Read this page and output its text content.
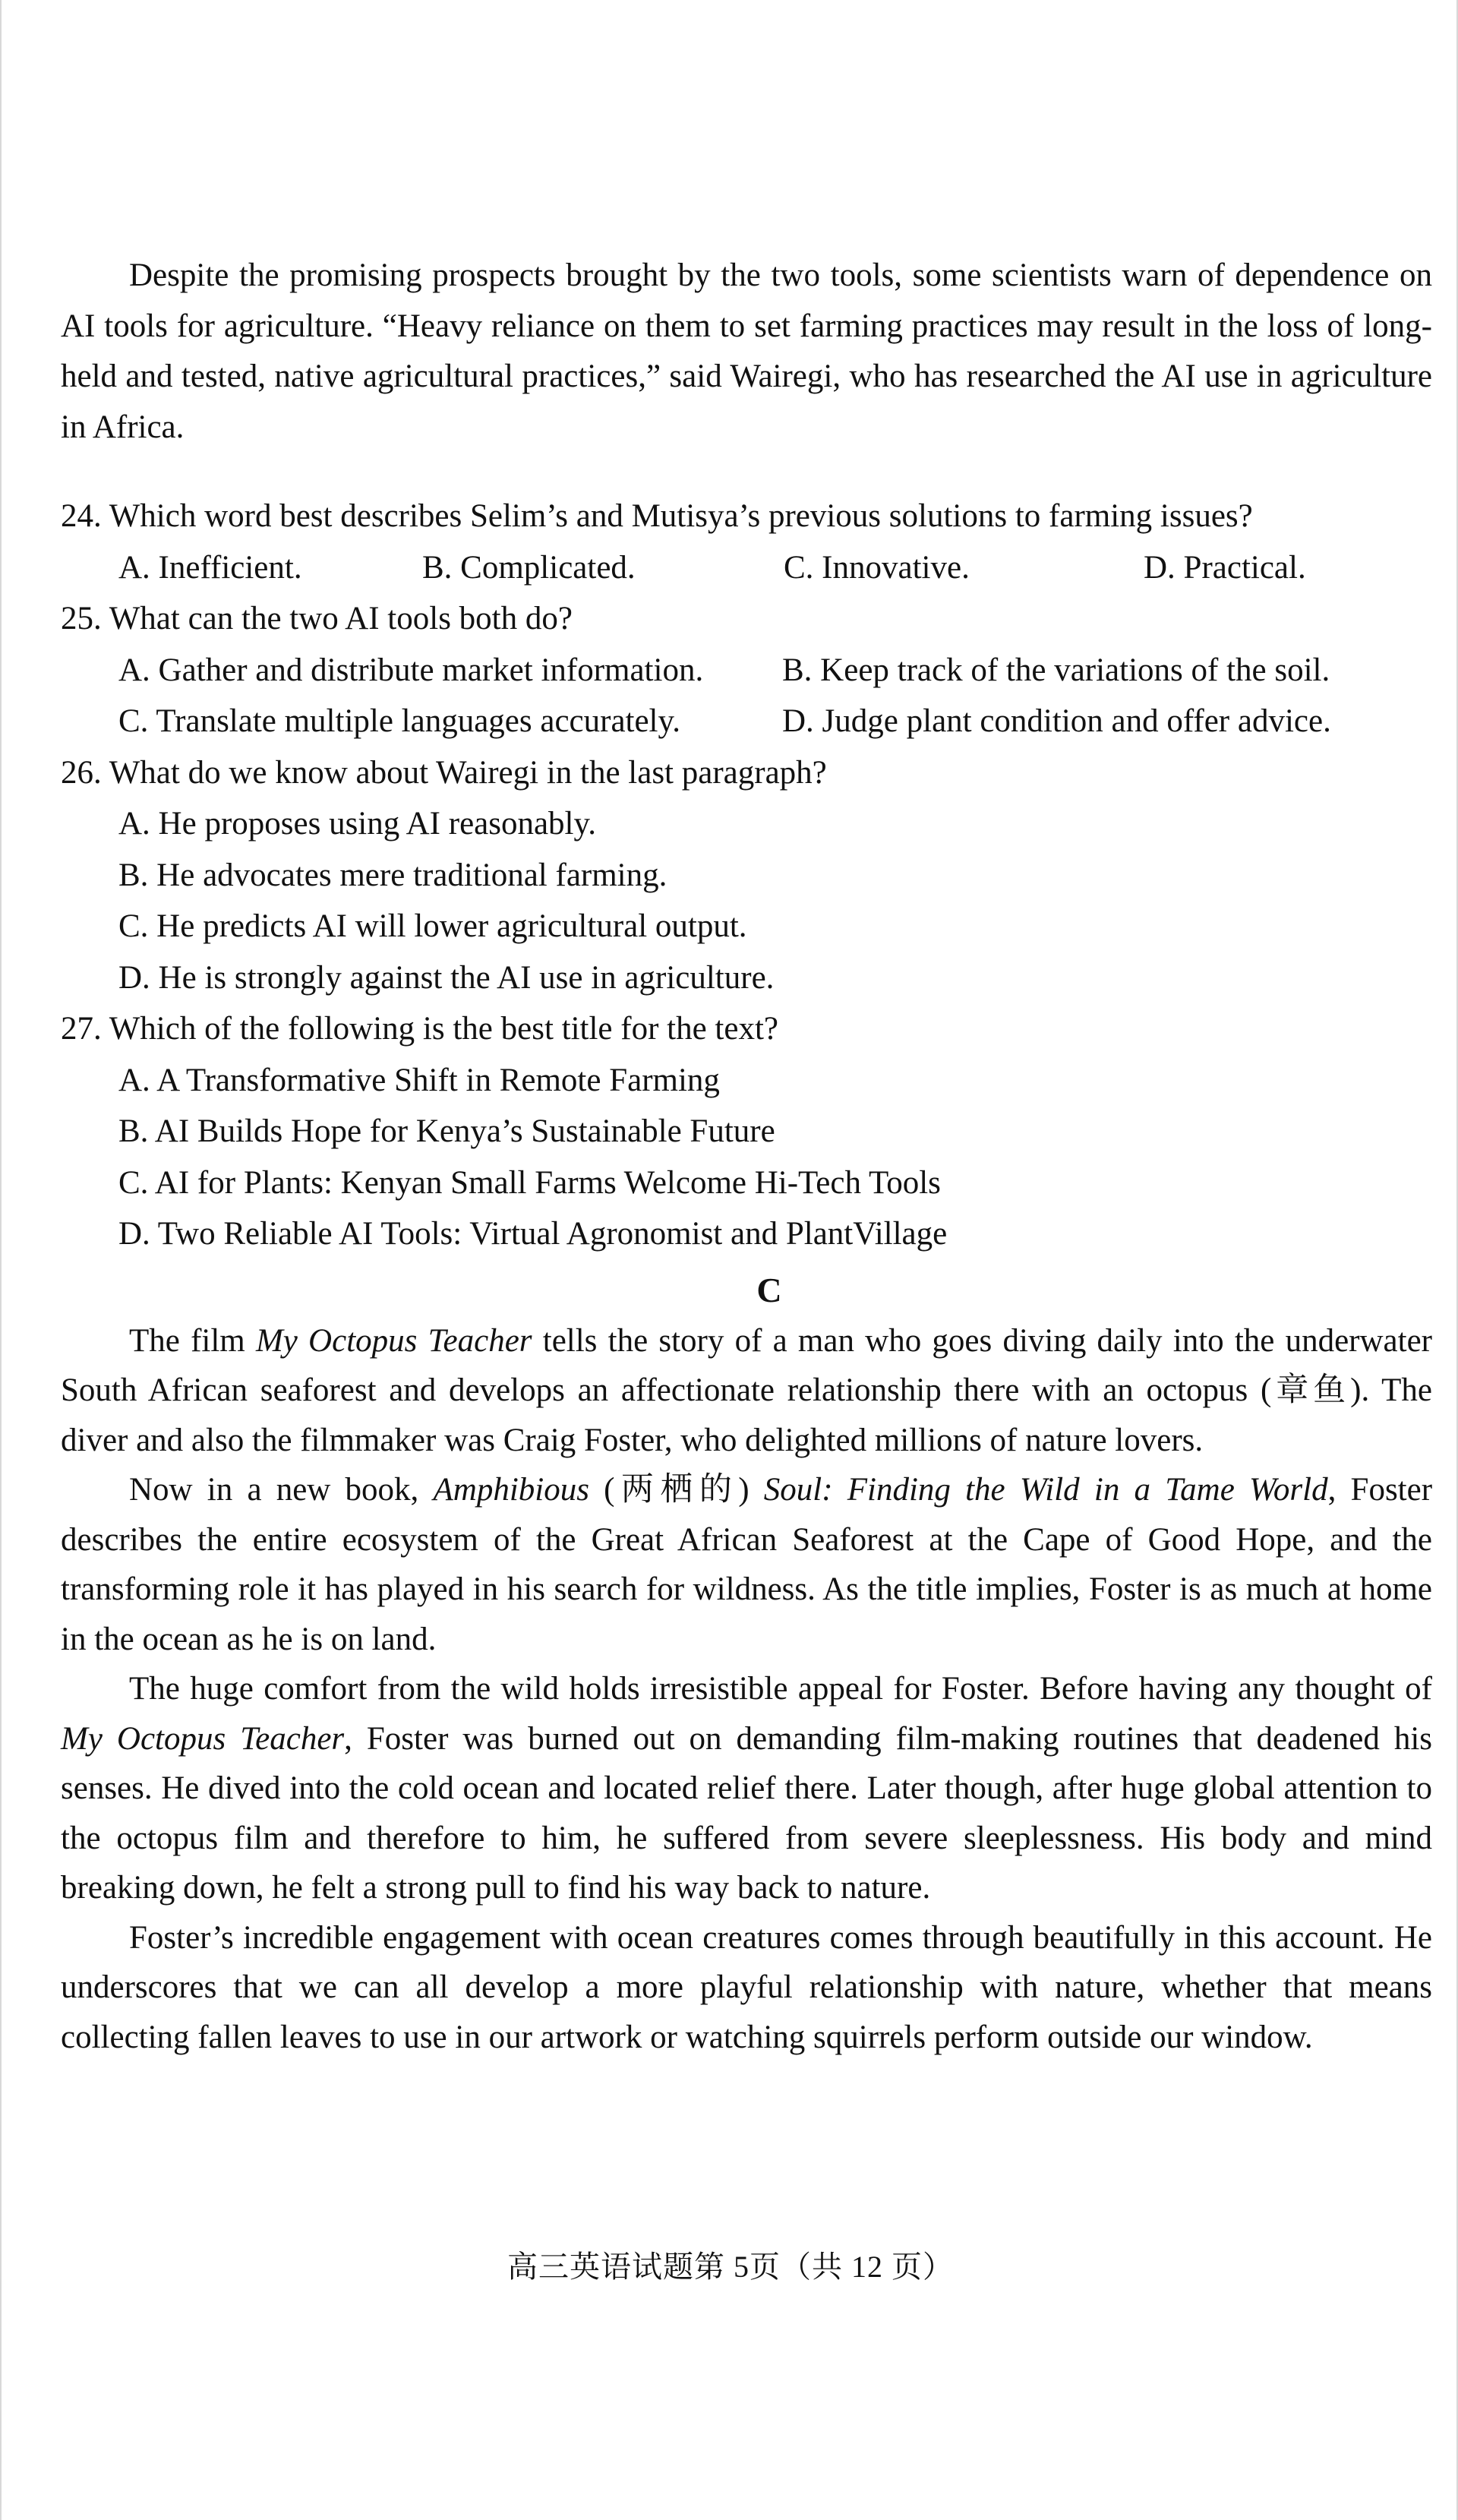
Despite the promising prospects brought by the two tools, some scientists warn of dependence on AI tools for agriculture. “Heavy reliance on them to set farming practices may result in the loss of long-held and tested, native agricultural practices,” said Wairegi, who has researched the AI use in agriculture in Africa.

24. Which word best describes Selim’s and Mutisya’s previous solutions to farming issues?

A. Inefficient.	B. Complicated.	C. Innovative.	D. Practical.

25. What can the two AI tools both do?

A. Gather and distribute market information.	B. Keep track of the variations of the soil.
C. Translate multiple languages accurately.	D. Judge plant condition and offer advice.

26. What do we know about Wairegi in the last paragraph?

A. He proposes using AI reasonably.
B. He advocates mere traditional farming.
C. He predicts AI will lower agricultural output.
D. He is strongly against the AI use in agriculture.

27. Which of the following is the best title for the text?

A. A Transformative Shift in Remote Farming
B. AI Builds Hope for Kenya’s Sustainable Future
C. AI for Plants: Kenyan Small Farms Welcome Hi-Tech Tools
D. Two Reliable AI Tools: Virtual Agronomist and PlantVillage
C

The film My Octopus Teacher tells the story of a man who goes diving daily into the underwater South African seaforest and develops an affectionate relationship there with an octopus (章鱼). The diver and also the filmmaker was Craig Foster, who delighted millions of nature lovers.

Now in a new book, Amphibious (两栖的) Soul: Finding the Wild in a Tame World, Foster describes the entire ecosystem of the Great African Seaforest at the Cape of Good Hope, and the transforming role it has played in his search for wildness. As the title implies, Foster is as much at home in the ocean as he is on land.

The huge comfort from the wild holds irresistible appeal for Foster. Before having any thought of My Octopus Teacher, Foster was burned out on demanding film-making routines that deadened his senses. He dived into the cold ocean and located relief there. Later though, after huge global attention to the octopus film and therefore to him, he suffered from severe sleeplessness. His body and mind breaking down, he felt a strong pull to find his way back to nature.

Foster’s incredible engagement with ocean creatures comes through beautifully in this account. He underscores that we can all develop a more playful relationship with nature, whether that means collecting fallen leaves to use in our artwork or watching squirrels perform outside our window.

高三英语试题第 5页（共 12 页）
